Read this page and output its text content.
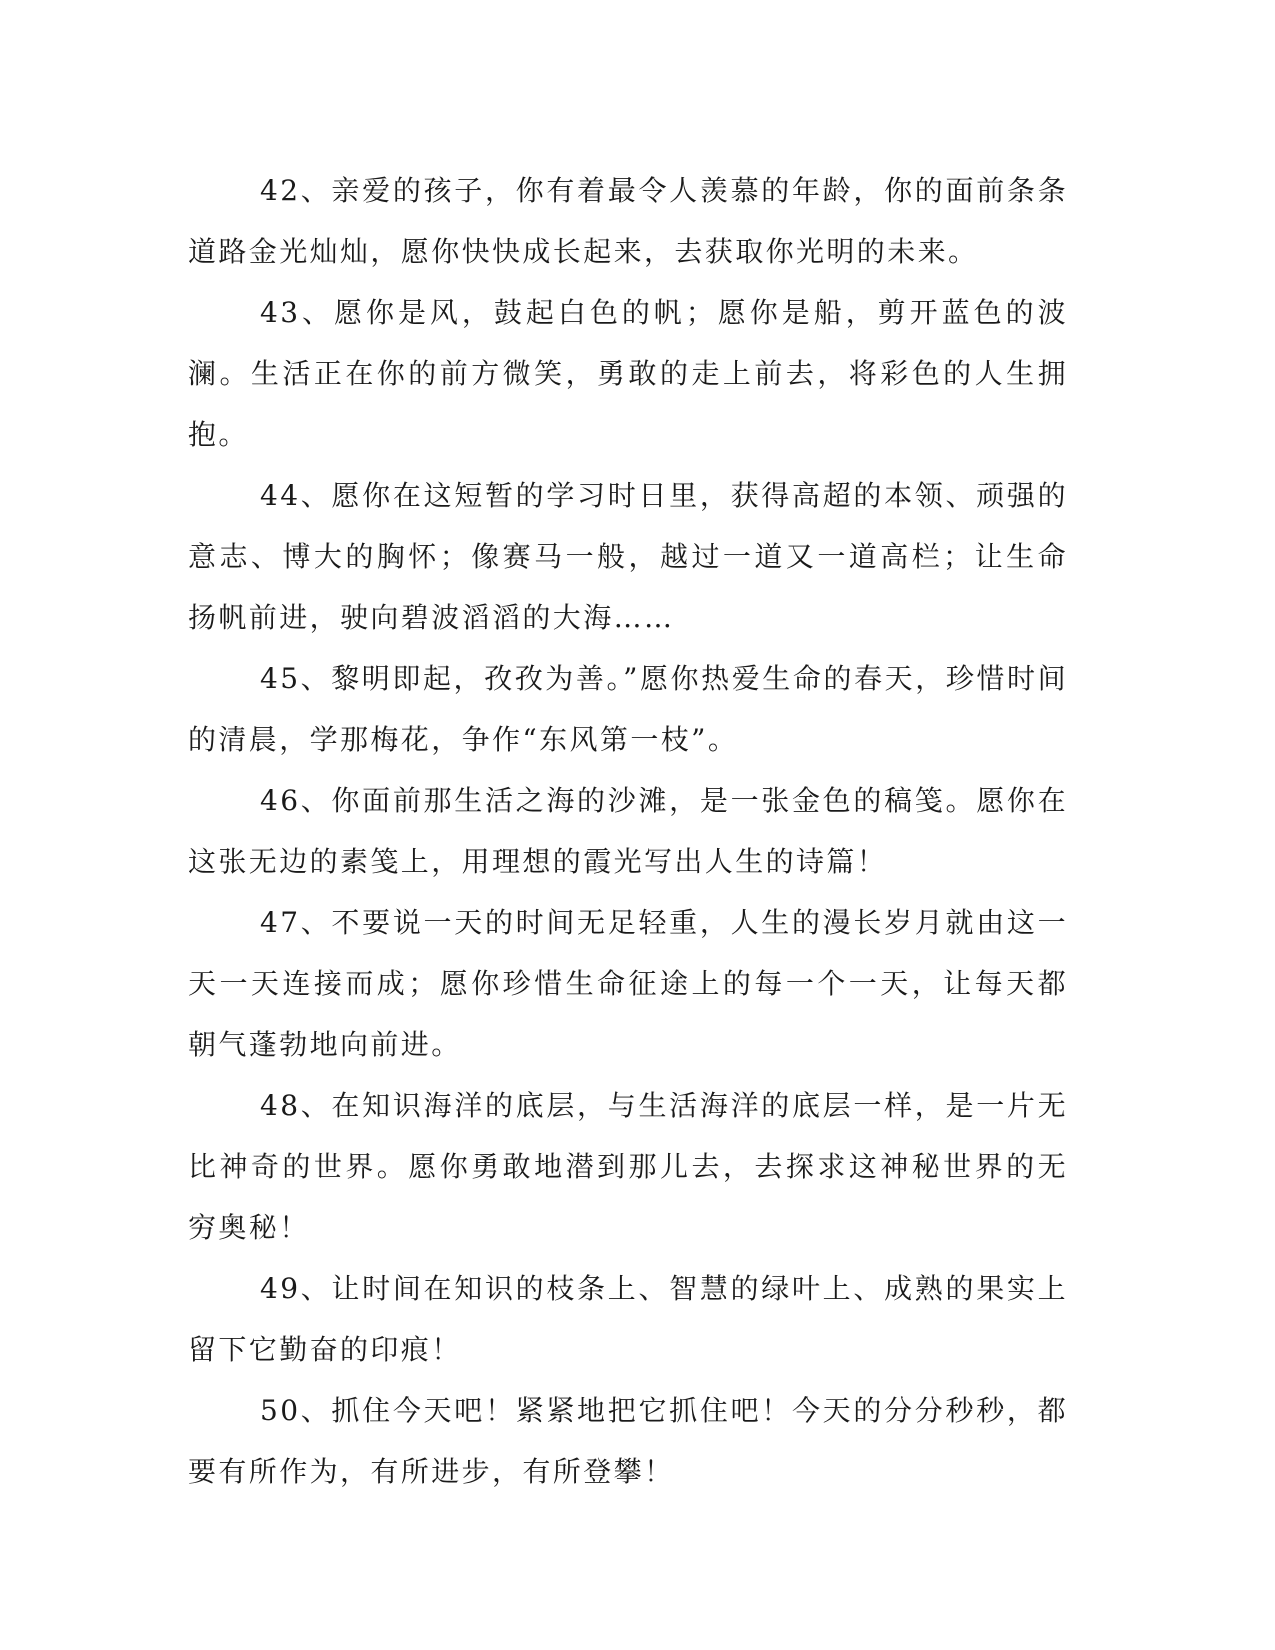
42、亲爱的孩子，你有着最令人羡慕的年龄，你的面前条条道路金光灿灿，愿你快快成长起来，去获取你光明的未来。

43、愿你是风，鼓起白色的帆；愿你是船，剪开蓝色的波澜。生活正在你的前方微笑，勇敢的走上前去，将彩色的人生拥抱。

44、愿你在这短暂的学习时日里，获得高超的本领、顽强的意志、博大的胸怀；像赛马一般，越过一道又一道高栏；让生命扬帆前进，驶向碧波滔滔的大海……

45、黎明即起，孜孜为善。”愿你热爱生命的春天，珍惜时间的清晨，学那梅花，争作“东风第一枝”。

46、你面前那生活之海的沙滩，是一张金色的稿笺。愿你在这张无边的素笺上，用理想的霞光写出人生的诗篇！

47、不要说一天的时间无足轻重，人生的漫长岁月就由这一天一天连接而成；愿你珍惜生命征途上的每一个一天，让每天都朝气蓬勃地向前进。

48、在知识海洋的底层，与生活海洋的底层一样，是一片无比神奇的世界。愿你勇敢地潜到那儿去，去探求这神秘世界的无穷奥秘！

49、让时间在知识的枝条上、智慧的绿叶上、成熟的果实上留下它勤奋的印痕！

50、抓住今天吧！紧紧地把它抓住吧！今天的分分秒秒，都要有所作为，有所进步，有所登攀！
